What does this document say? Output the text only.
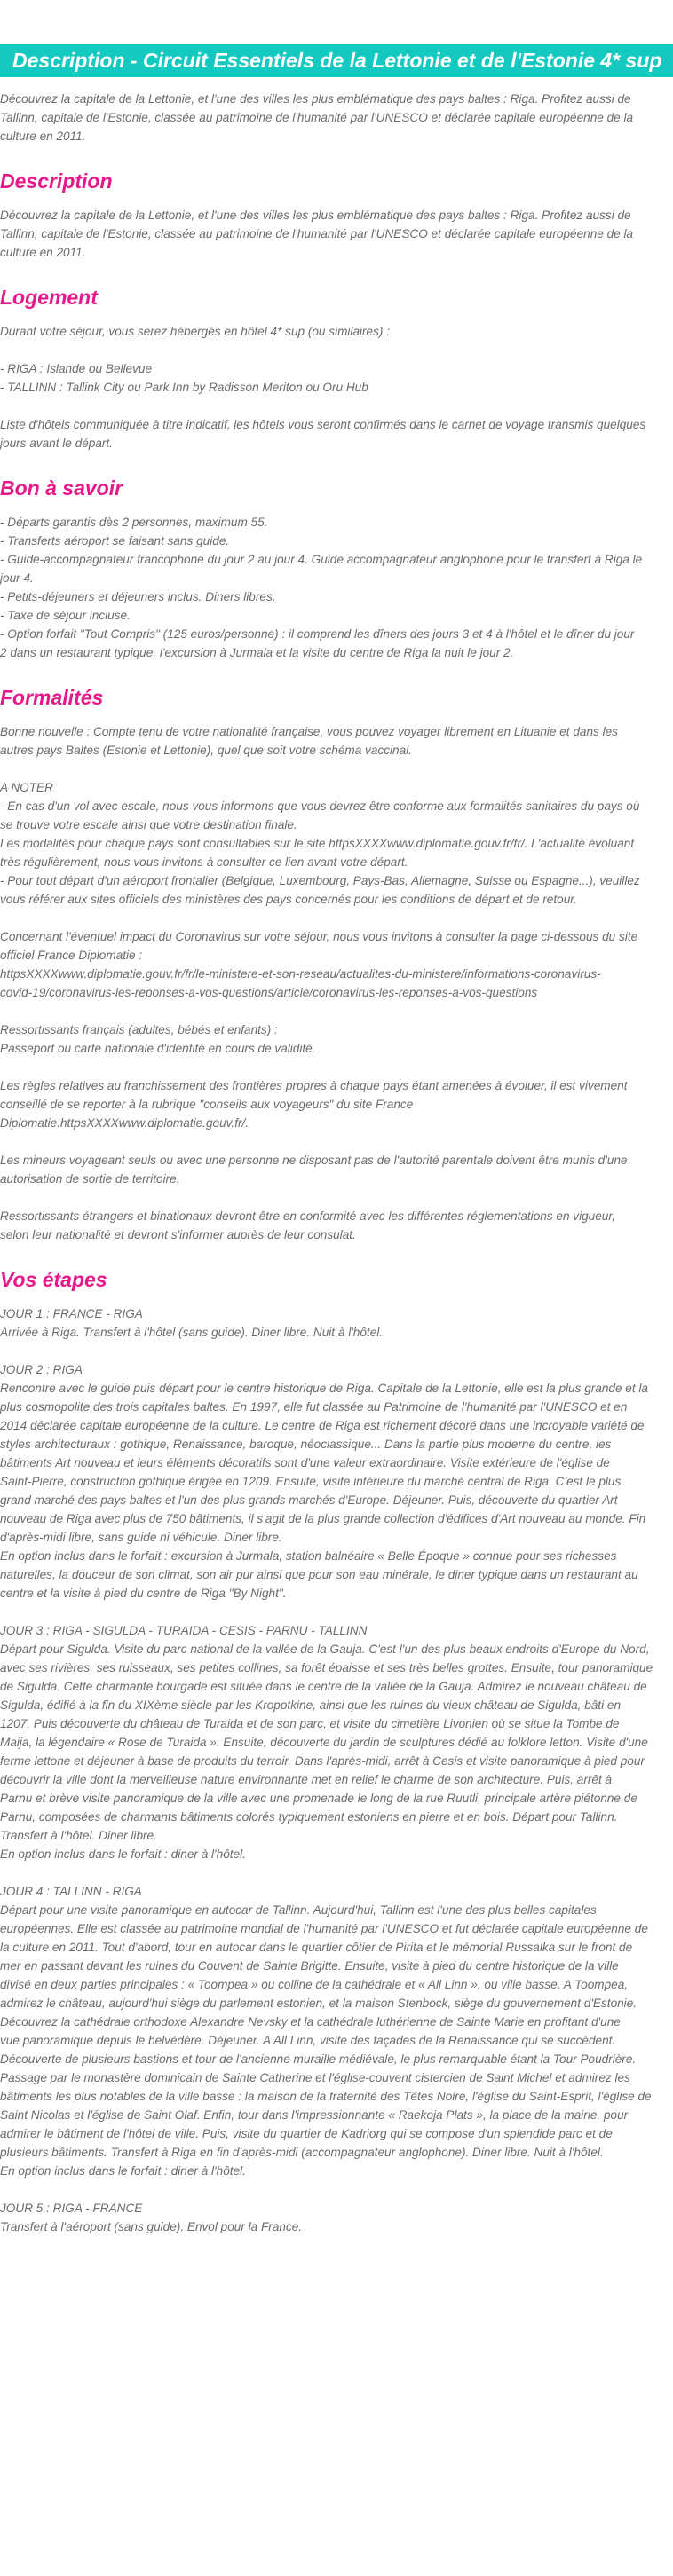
Description - Circuit Essentiels de la Lettonie et de l'Estonie 4* sup
Découvrez la capitale de la Lettonie, et l'une des villes les plus emblématique des pays baltes : Riga. Profitez aussi de
Tallinn, capitale de l'Estonie, classée au patrimoine de l'humanité par l'UNESCO et déclarée capitale européenne de la
culture en 2011.
Description
Découvrez la capitale de la Lettonie, et l'une des villes les plus emblématique des pays baltes : Riga. Profitez aussi de
Tallinn, capitale de l'Estonie, classée au patrimoine de l'humanité par l'UNESCO et déclarée capitale européenne de la
culture en 2011.
Logement
Durant votre séjour, vous serez hébergés en hôtel 4* sup (ou similaires) :
- RIGA : Islande ou Bellevue
- TALLINN : Tallink City ou Park Inn by Radisson Meriton ou Oru Hub
Liste d'hôtels communiquée à titre indicatif, les hôtels vous seront confirmés dans le carnet de voyage transmis quelques
jours avant le départ.
Bon à savoir
- Départs garantis dès 2 personnes, maximum 55.
- Transferts aéroport se faisant sans guide.
- Guide-accompagnateur francophone du jour 2 au jour 4. Guide accompagnateur anglophone pour le transfert à Riga le
jour 4.
- Petits-déjeuners et déjeuners inclus. Diners libres.
- Taxe de séjour incluse.
- Option forfait "Tout Compris" (125 euros/personne) : il comprend les dîners des jours 3 et 4 à l'hôtel et le dîner du jour
2 dans un restaurant typique, l'excursion à Jurmala et la visite du centre de Riga la nuit le jour 2.
Formalités
Bonne nouvelle : Compte tenu de votre nationalité française, vous pouvez voyager librement en Lituanie et dans les
autres pays Baltes (Estonie et Lettonie), quel que soit votre schéma vaccinal.
A NOTER
- En cas d'un vol avec escale, nous vous informons que vous devrez être conforme aux formalités sanitaires du pays où
se trouve votre escale ainsi que votre destination finale.
Les modalités pour chaque pays sont consultables sur le site httpsXXXXwww.diplomatie.gouv.fr/fr/. L'actualité évoluant
très régulièrement, nous vous invitons à consulter ce lien avant votre départ.
- Pour tout départ d'un aéroport frontalier (Belgique, Luxembourg, Pays-Bas, Allemagne, Suisse ou Espagne...), veuillez
vous référer aux sites officiels des ministères des pays concernés pour les conditions de départ et de retour.
Concernant l'éventuel impact du Coronavirus sur votre séjour, nous vous invitons à consulter la page ci-dessous du site
officiel France Diplomatie :
httpsXXXXwww.diplomatie.gouv.fr/fr/le-ministere-et-son-reseau/actualites-du-ministere/informations-coronavirus-
covid-19/coronavirus-les-reponses-a-vos-questions/article/coronavirus-les-reponses-a-vos-questions
Ressortissants français (adultes, bébés et enfants) :
Passeport ou carte nationale d'identité en cours de validité.
Les règles relatives au franchissement des frontières propres à chaque pays étant amenées à évoluer, il est vivement
conseillé de se reporter à la rubrique "conseils aux voyageurs" du site France
Diplomatie.httpsXXXXwww.diplomatie.gouv.fr/.
Les mineurs voyageant seuls ou avec une personne ne disposant pas de l'autorité parentale doivent être munis d'une
autorisation de sortie de territoire.
Ressortissants étrangers et binationaux devront être en conformité avec les différentes réglementations en vigueur,
selon leur nationalité et devront s'informer auprès de leur consulat.
Vos étapes
JOUR 1 : FRANCE - RIGA
Arrivée à Riga. Transfert à l'hôtel (sans guide). Diner libre. Nuit à l'hôtel.
JOUR 2 : RIGA
Rencontre avec le guide puis départ pour le centre historique de Riga. Capitale de la Lettonie, elle est la plus grande et la
plus cosmopolite des trois capitales baltes. En 1997, elle fut classée au Patrimoine de l'humanité par l'UNESCO et en
2014 déclarée capitale européenne de la culture. Le centre de Riga est richement décoré dans une incroyable variété de
styles architecturaux : gothique, Renaissance, baroque, néoclassique... Dans la partie plus moderne du centre, les
bâtiments Art nouveau et leurs éléments décoratifs sont d'une valeur extraordinaire. Visite extérieure de l'église de
Saint-Pierre, construction gothique érigée en 1209. Ensuite, visite intérieure du marché central de Riga. C'est le plus
grand marché des pays baltes et l'un des plus grands marchés d'Europe. Déjeuner. Puis, découverte du quartier Art
nouveau de Riga avec plus de 750 bâtiments, il s'agit de la plus grande collection d'édifices d'Art nouveau au monde. Fin
d'après-midi libre, sans guide ni véhicule. Diner libre.
En option inclus dans le forfait : excursion à Jurmala, station balnéaire « Belle Époque » connue pour ses richesses
naturelles, la douceur de son climat, son air pur ainsi que pour son eau minérale, le diner typique dans un restaurant au
centre et la visite à pied du centre de Riga "By Night".
JOUR 3 : RIGA - SIGULDA - TURAIDA - CESIS - PARNU - TALLINN
Départ pour Sigulda. Visite du parc national de la vallée de la Gauja. C'est l'un des plus beaux endroits d'Europe du Nord,
avec ses rivières, ses ruisseaux, ses petites collines, sa forêt épaisse et ses très belles grottes. Ensuite, tour panoramique
de Sigulda. Cette charmante bourgade est située dans le centre de la vallée de la Gauja. Admirez le nouveau château de
Sigulda, édifié à la fin du XIXème siècle par les Kropotkine, ainsi que les ruines du vieux château de Sigulda, bâti en
1207. Puis découverte du château de Turaida et de son parc, et visite du cimetière Livonien où se situe la Tombe de
Maija, la légendaire « Rose de Turaida ». Ensuite, découverte du jardin de sculptures dédié au folklore letton. Visite d'une
ferme lettone et déjeuner à base de produits du terroir. Dans l'après-midi, arrêt à Cesis et visite panoramique à pied pour
découvrir la ville dont la merveilleuse nature environnante met en relief le charme de son architecture. Puis, arrêt à
Parnu et brève visite panoramique de la ville avec une promenade le long de la rue Ruutli, principale artère piétonne de
Parnu, composées de charmants bâtiments colorés typiquement estoniens en pierre et en bois. Départ pour Tallinn.
Transfert à l'hôtel. Diner libre.
En option inclus dans le forfait : diner à l'hôtel.
JOUR 4 : TALLINN - RIGA
Départ pour une visite panoramique en autocar de Tallinn. Aujourd'hui, Tallinn est l'une des plus belles capitales
européennes. Elle est classée au patrimoine mondial de l'humanité par l'UNESCO et fut déclarée capitale européenne de
la culture en 2011. Tout d'abord, tour en autocar dans le quartier côtier de Pirita et le mémorial Russalka sur le front de
mer en passant devant les ruines du Couvent de Sainte Brigitte. Ensuite, visite à pied du centre historique de la ville
divisé en deux parties principales : « Toompea » ou colline de la cathédrale et « All Linn », ou ville basse. A Toompea,
admirez le château, aujourd'hui siège du parlement estonien, et la maison Stenbock, siège du gouvernement d'Estonie.
Découvrez la cathédrale orthodoxe Alexandre Nevsky et la cathédrale luthérienne de Sainte Marie en profitant d'une
vue panoramique depuis le belvédère. Déjeuner. A All Linn, visite des façades de la Renaissance qui se succèdent.
Découverte de plusieurs bastions et tour de l'ancienne muraille médiévale, le plus remarquable étant la Tour Poudrière.
Passage par le monastère dominicain de Sainte Catherine et l'église-couvent cistercien de Saint Michel et admirez les
bâtiments les plus notables de la ville basse : la maison de la fraternité des Têtes Noire, l'église du Saint-Esprit, l'église de
Saint Nicolas et l'église de Saint Olaf. Enfin, tour dans l'impressionnante « Raekoja Plats », la place de la mairie, pour
admirer le bâtiment de l'hôtel de ville. Puis, visite du quartier de Kadriorg qui se compose d'un splendide parc et de
plusieurs bâtiments. Transfert à Riga en fin d'après-midi (accompagnateur anglophone). Diner libre. Nuit à l'hôtel.
En option inclus dans le forfait : diner à l'hôtel.
JOUR 5 : RIGA - FRANCE
Transfert à l'aéroport (sans guide). Envol pour la France.
